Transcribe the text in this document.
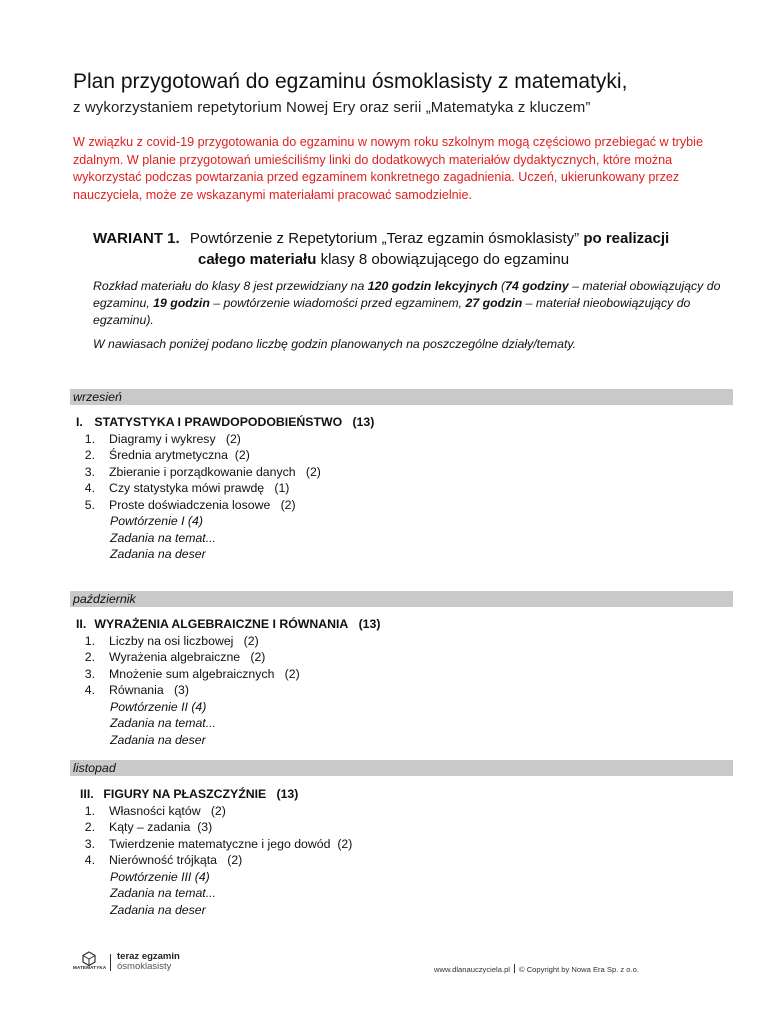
Plan przygotowań do egzaminu ósmoklasisty z matematyki,
z wykorzystaniem repetytorium Nowej Ery oraz serii „Matematyka z kluczem”
W związku z covid-19 przygotowania do egzaminu w nowym roku szkolnym mogą częściowo przebiegać w trybie zdalnym. W planie przygotowań umieściliśmy linki do dodatkowych materiałów dydaktycznych, które można wykorzystać podczas powtarzania przed egzaminem konkretnego zagadnienia. Uczeń, ukierunkowany przez nauczyciela, może ze wskazanymi materiałami pracować samodzielnie.
WARIANT 1. Powtórzenie z Repetytorium „Teraz egzamin ósmoklasisty” po realizacji
całego materiału klasy 8 obowiązującego do egzaminu
Rozkład materiału do klasy 8 jest przewidziany na 120 godzin lekcyjnych (74 godziny – materiał obowiązujący do egzaminu, 19 godzin – powtórzenie wiadomości przed egzaminem, 27 godzin – materiał nieobowiązujący do egzaminu).
W nawiasach poniżej podano liczbę godzin planowanych na poszczególne działy/tematy.
wrzesień
październik
listopad
I. STATYSTYKA I PRAWDOPODOBIEŃSTWO (13)
1. Diagramy i wykresy (2)
2. Średnia arytmetyczna (2)
3. Zbieranie i porządkowanie danych (2)
4. Czy statystyka mówi prawdę (1)
5. Proste doświadczenia losowe (2)
Powtórzenie I (4)
Zadania na temat...
Zadania na deser
II. WYRAŻENIA ALGEBRAICZNE I RÓWNANIA (13)
1. Liczby na osi liczbowej (2)
2. Wyrażenia algebraiczne (2)
3. Mnożenie sum algebraicznych (2)
4. Równania (3)
Powtórzenie II (4)
Zadania na temat...
Zadania na deser
III. FIGURY NA PŁASZCZYŹNIE (13)
1. Własności kątów (2)
2. Kąty – zadania (3)
3. Twierdzenie matematyczne i jego dowód (2)
4. Nierówność trójkąta (2)
Powtórzenie III (4)
Zadania na temat...
Zadania na deser
MATEMATYKA
teraz egzamin
ósmoklasisty	www.dlanauczyciela.pl © Copyright by Nowa Era Sp. z o.o.
